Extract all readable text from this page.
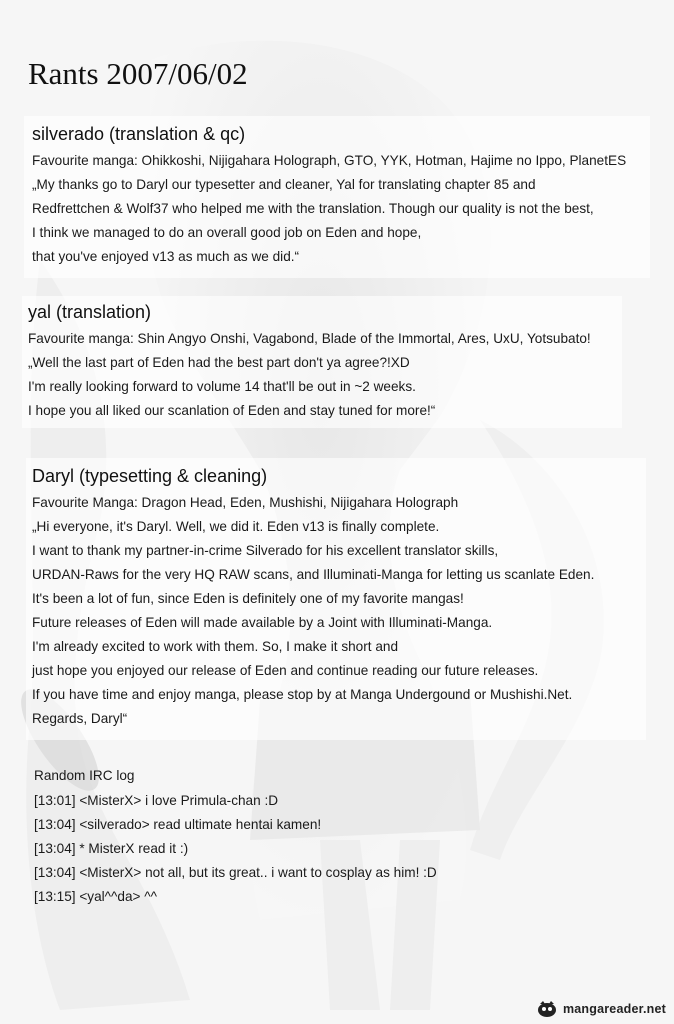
Rants 2007/06/02
silverado (translation & qc)
Favourite manga: Ohikkoshi, Nijigahara Holograph, GTO, YYK, Hotman, Hajime no Ippo, PlanetES
„My thanks go to Daryl our typesetter and cleaner, Yal for translating chapter 85 and
Redfrettchen & Wolf37 who helped me with the translation. Though our quality is not the best,
I think we managed to do an overall good job on Eden and hope,
that you've enjoyed v13 as much as we did.“
yal (translation)
Favourite manga: Shin Angyo Onshi, Vagabond, Blade of the Immortal, Ares, UxU, Yotsubato!
„Well the last part of Eden had the best part don't ya agree?!XD
I'm really looking forward to volume 14 that'll be out in ~2 weeks.
I hope you all liked our scanlation of Eden and stay tuned for more!“
Daryl (typesetting & cleaning)
Favourite Manga: Dragon Head, Eden, Mushishi, Nijigahara Holograph
„Hi everyone, it's Daryl. Well, we did it. Eden v13 is finally complete.
I want to thank my partner-in-crime Silverado for his excellent translator skills,
URDAN-Raws for the very HQ RAW scans, and Illuminati-Manga for letting us scanlate Eden.
It's been a lot of fun, since Eden is definitely one of my favorite mangas!
Future releases of Eden will made available by a Joint with Illuminati-Manga.
I'm already excited to work with them. So, I make it short and
just hope you enjoyed our release of Eden and continue reading our future releases.
If you have time and enjoy manga, please stop by at Manga Undergound or Mushishi.Net.
Regards, Daryl“
Random IRC log
[13:01] <MisterX> i love Primula-chan :D
[13:04] <silverado> read ultimate hentai kamen!
[13:04] * MisterX read it :)
[13:04] <MisterX> not all, but its great.. i want to cosplay as him! :D
[13:15] <yal^^da> ^^
mangareader.net
